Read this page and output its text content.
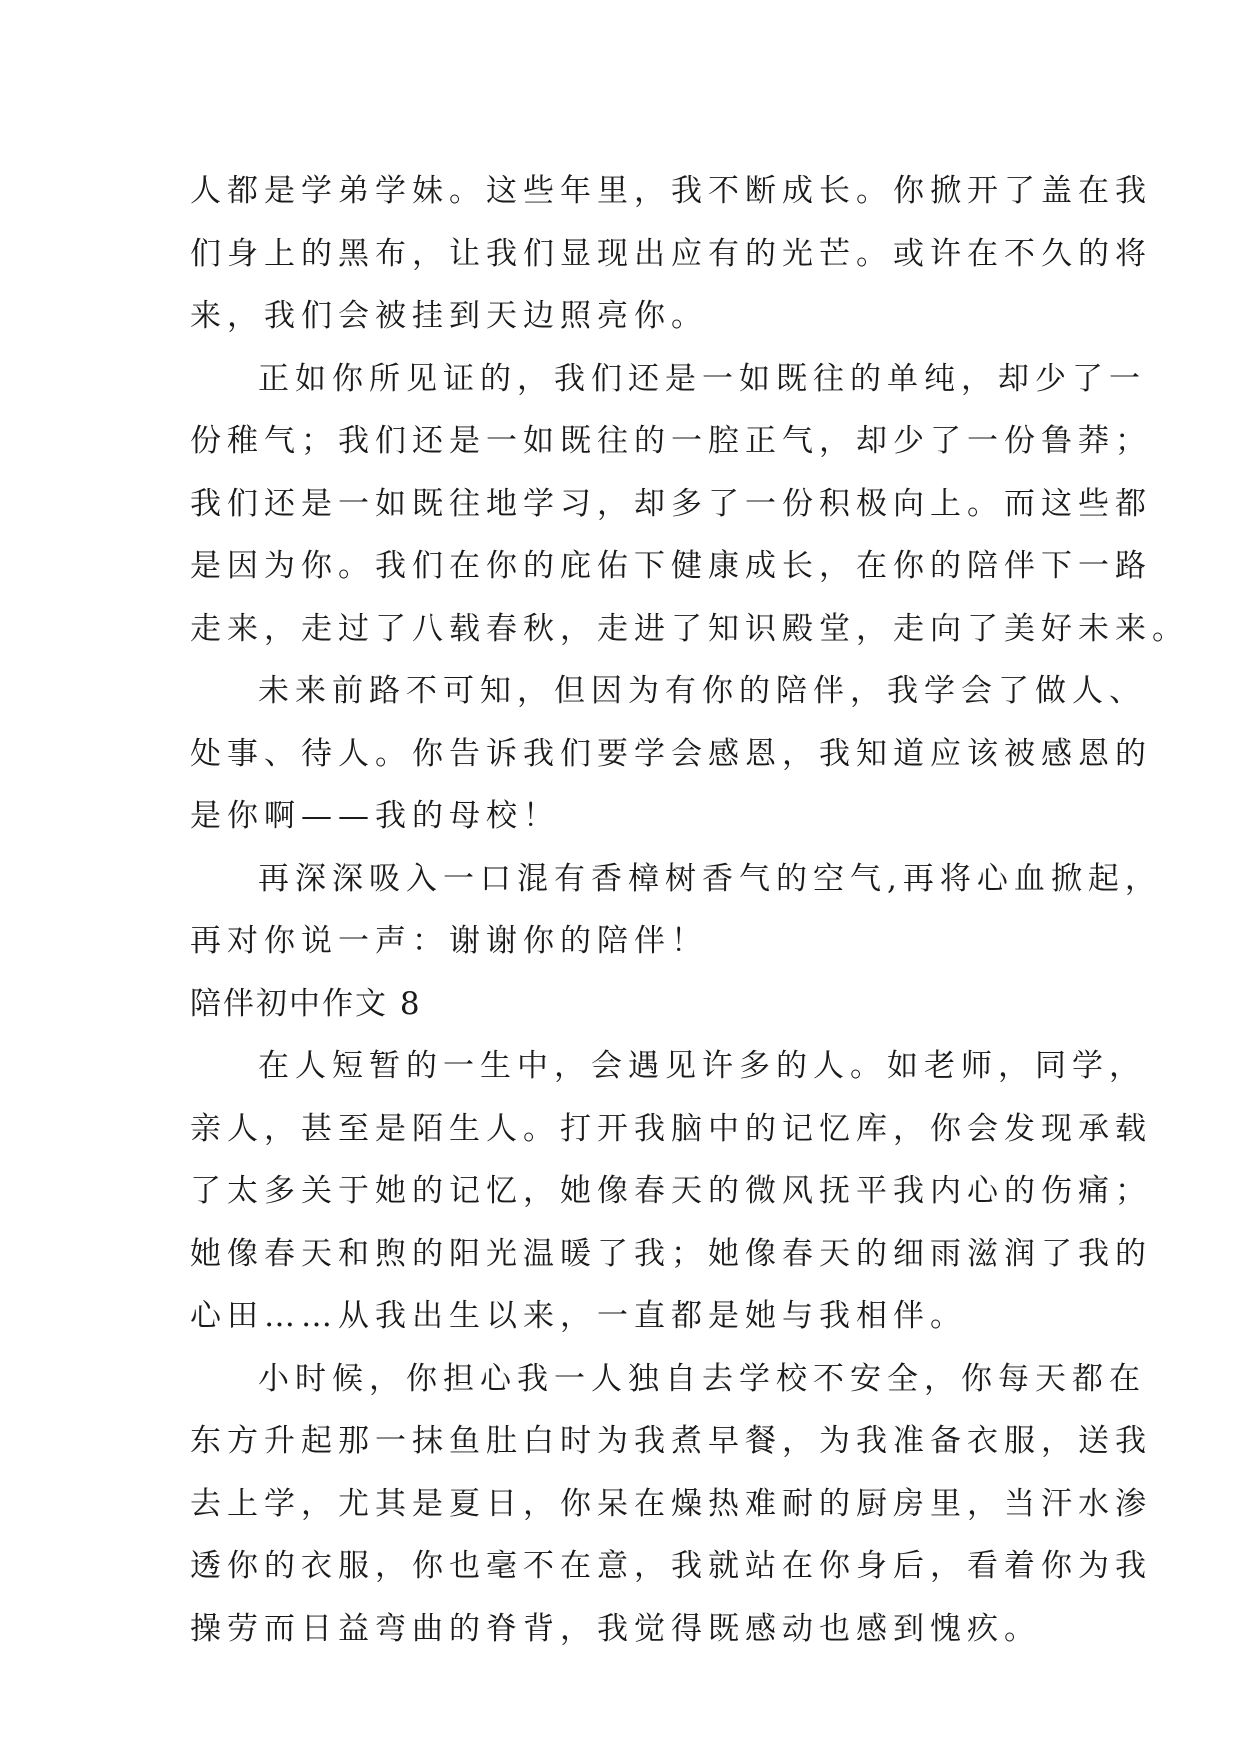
人都是学弟学妹。这些年里，我不断成长。你掀开了盖在我
们身上的黑布，让我们显现出应有的光芒。或许在不久的将
来，我们会被挂到天边照亮你。
正如你所见证的，我们还是一如既往的单纯，却少了一
份稚气；我们还是一如既往的一腔正气，却少了一份鲁莽；
我们还是一如既往地学习，却多了一份积极向上。而这些都
是因为你。我们在你的庇佑下健康成长，在你的陪伴下一路
走来，走过了八载春秋，走进了知识殿堂，走向了美好未来。
未来前路不可知，但因为有你的陪伴，我学会了做人、
处事、待人。你告诉我们要学会感恩，我知道应该被感恩的
是你啊——我的母校！
再深深吸入一口混有香樟树香气的空气,再将心血掀起，
再对你说一声：谢谢你的陪伴！
陪伴初中作文 8
在人短暂的一生中，会遇见许多的人。如老师，同学，
亲人，甚至是陌生人。打开我脑中的记忆库，你会发现承载
了太多关于她的记忆，她像春天的微风抚平我内心的伤痛；
她像春天和煦的阳光温暖了我；她像春天的细雨滋润了我的
心田……从我出生以来，一直都是她与我相伴。
小时候，你担心我一人独自去学校不安全，你每天都在
东方升起那一抹鱼肚白时为我煮早餐，为我准备衣服，送我
去上学，尤其是夏日，你呆在燥热难耐的厨房里，当汗水渗
透你的衣服，你也毫不在意，我就站在你身后，看着你为我
操劳而日益弯曲的脊背，我觉得既感动也感到愧疚。
